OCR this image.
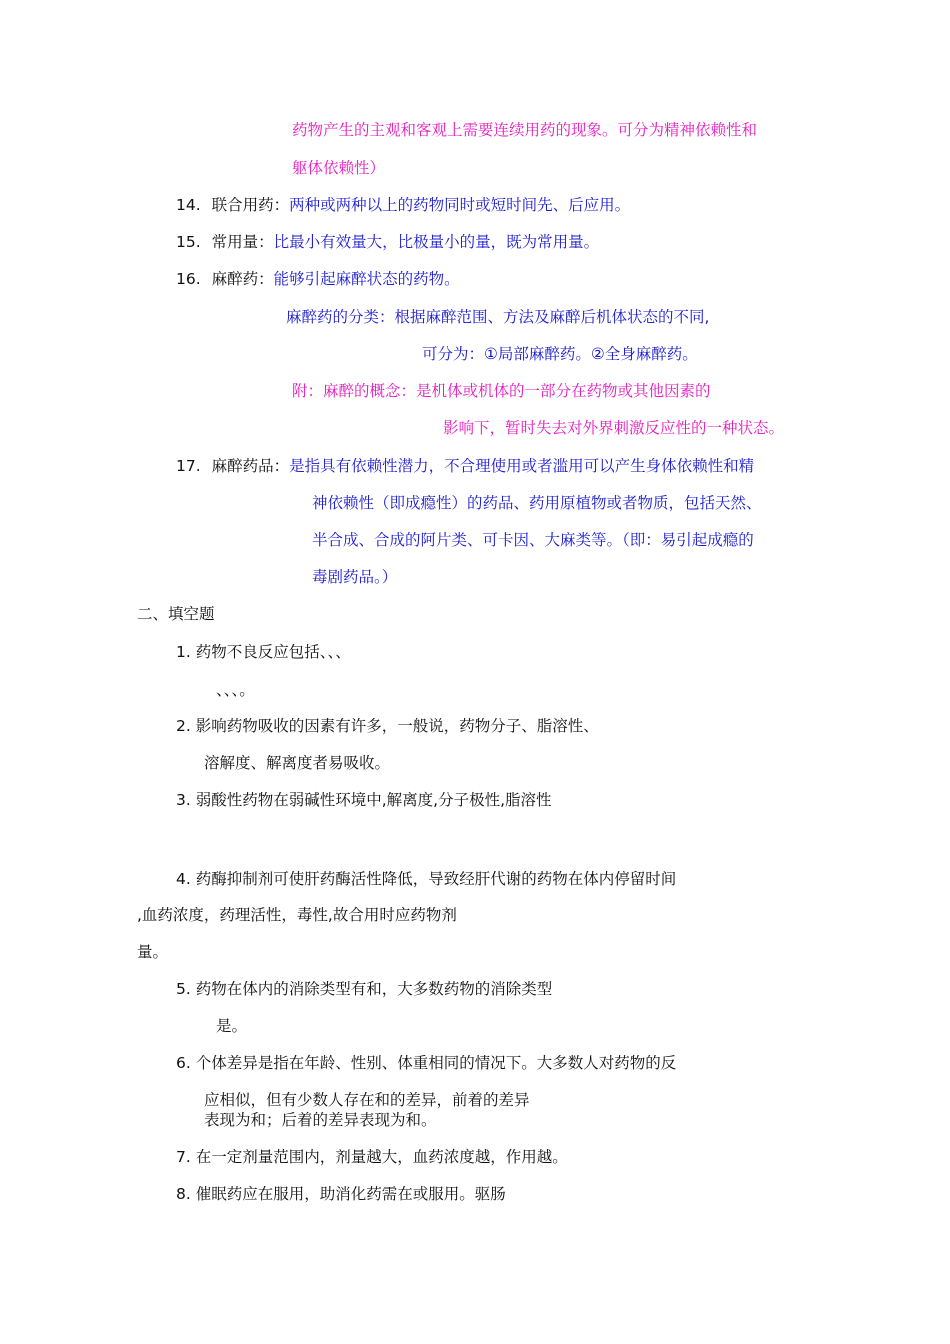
药物产生的主观和客观上需要连续用药的现象。可分为精神依赖性和
躯体依赖性）
14. 联合用药：两种或两种以上的药物同时或短时间先、后应用。
15. 常用量：比最小有效量大，比极量小的量，既为常用量。
16. 麻醉药：能够引起麻醉状态的药物。
麻醉药的分类：根据麻醉范围、方法及麻醉后机体状态的不同,
可分为：①局部麻醉药。②全身麻醉药。
附：麻醉的概念：是机体或机体的一部分在药物或其他因素的
影响下，暂时失去对外界刺激反应性的一种状态。
17. 麻醉药品：是指具有依赖性潜力，不合理使用或者滥用可以产生身体依赖性和精
神依赖性（即成瘾性）的药品、药用原植物或者物质，包括天然、
半合成、合成的阿片类、可卡因、大麻类等。（即：易引起成瘾的
毒剧药品。）
二、填空题
1. 药物不良反应包括、、、
、、、。
2. 影响药物吸收的因素有许多，一般说，药物分子、脂溶性、
溶解度、解离度者易吸收。
3. 弱酸性药物在弱碱性环境中,解离度,分子极性,脂溶性
4. 药酶抑制剂可使肝药酶活性降低，导致经肝代谢的药物在体内停留时间
,血药浓度，药理活性，毒性,故合用时应药物剂
量。
5. 药物在体内的消除类型有和，大多数药物的消除类型
是。
6. 个体差异是指在年龄、性别、体重相同的情况下。大多数人对药物的反
应相似，但有少数人存在和的差异，前着的差异
表现为和；后着的差异表现为和。
7. 在一定剂量范围内，剂量越大，血药浓度越，作用越。
8. 催眠药应在服用，助消化药需在或服用。驱肠
